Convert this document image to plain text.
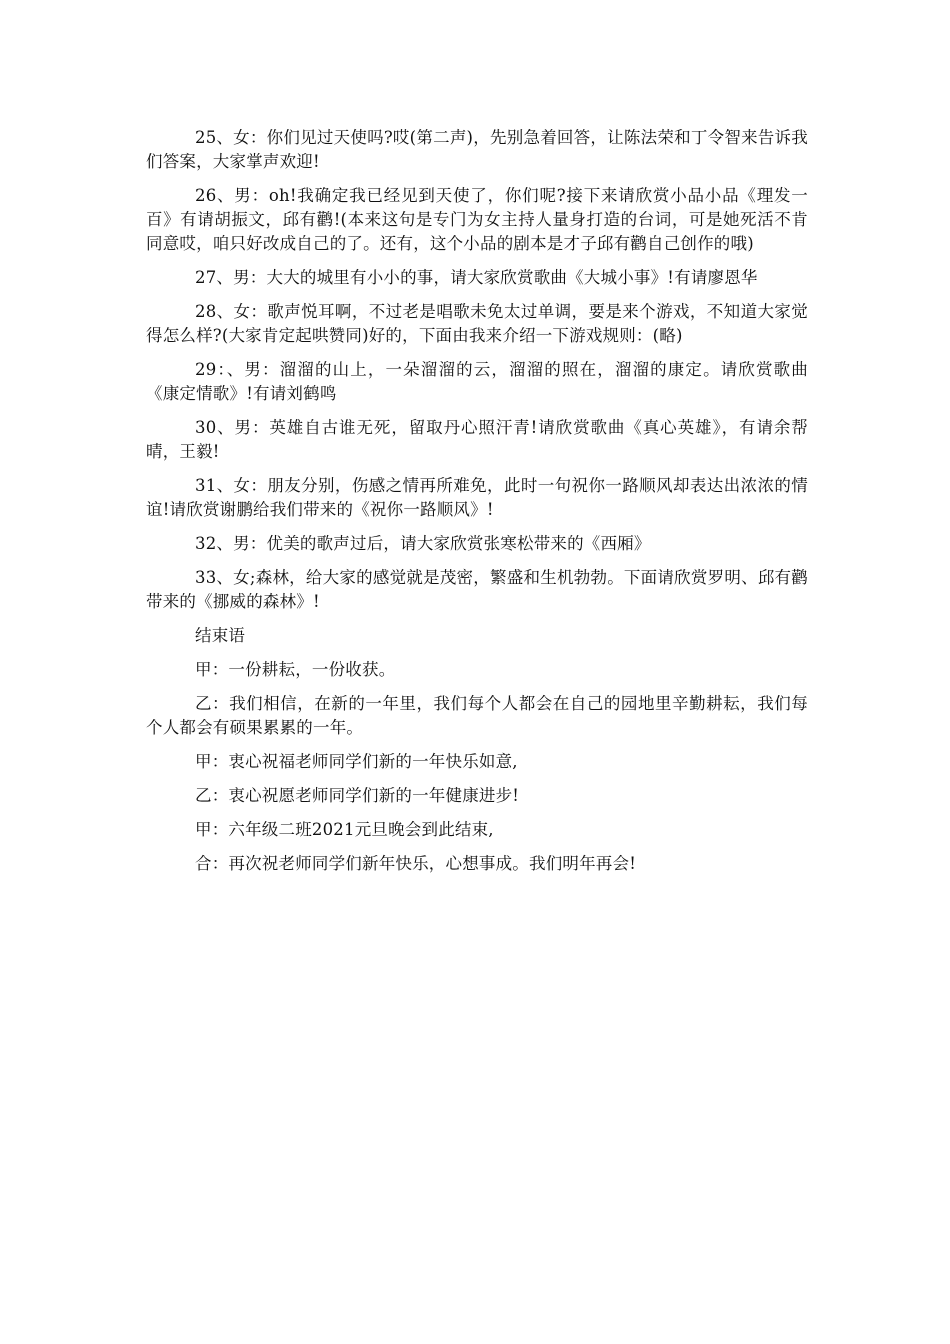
25、女：你们见过天使吗?哎(第二声)，先别急着回答，让陈法荣和丁令智来告诉我们答案，大家掌声欢迎!

26、男：oh!我确定我已经见到天使了，你们呢?接下来请欣赏小品小品《理发一百》有请胡振文，邱有鹳!(本来这句是专门为女主持人量身打造的台词，可是她死活不肯同意哎，咱只好改成自己的了。还有，这个小品的剧本是才子邱有鹳自己创作的哦)

27、男：大大的城里有小小的事，请大家欣赏歌曲《大城小事》!有请廖恩华

28、女：歌声悦耳啊，不过老是唱歌未免太过单调，要是来个游戏，不知道大家觉得怎么样?(大家肯定起哄赞同)好的，下面由我来介绍一下游戏规则：(略)

29：、男：溜溜的山上，一朵溜溜的云，溜溜的照在，溜溜的康定。请欣赏歌曲《康定情歌》!有请刘鹤鸣

30、男：英雄自古谁无死，留取丹心照汗青!请欣赏歌曲《真心英雄》，有请余帮晴，王毅!

31、女：朋友分别，伤感之情再所难免，此时一句祝你一路顺风却表达出浓浓的情谊!请欣赏谢鹏给我们带来的《祝你一路顺风》!

32、男：优美的歌声过后，请大家欣赏张寒松带来的《西厢》

33、女;森林，给大家的感觉就是茂密，繁盛和生机勃勃。下面请欣赏罗明、邱有鹳带来的《挪威的森林》!

结束语

甲：一份耕耘，一份收获。

乙：我们相信，在新的一年里，我们每个人都会在自己的园地里辛勤耕耘，我们每个人都会有硕果累累的一年。

甲：衷心祝福老师同学们新的一年快乐如意,

乙：衷心祝愿老师同学们新的一年健康进步!

甲：六年级二班2021元旦晚会到此结束,

合：再次祝老师同学们新年快乐，心想事成。我们明年再会!
